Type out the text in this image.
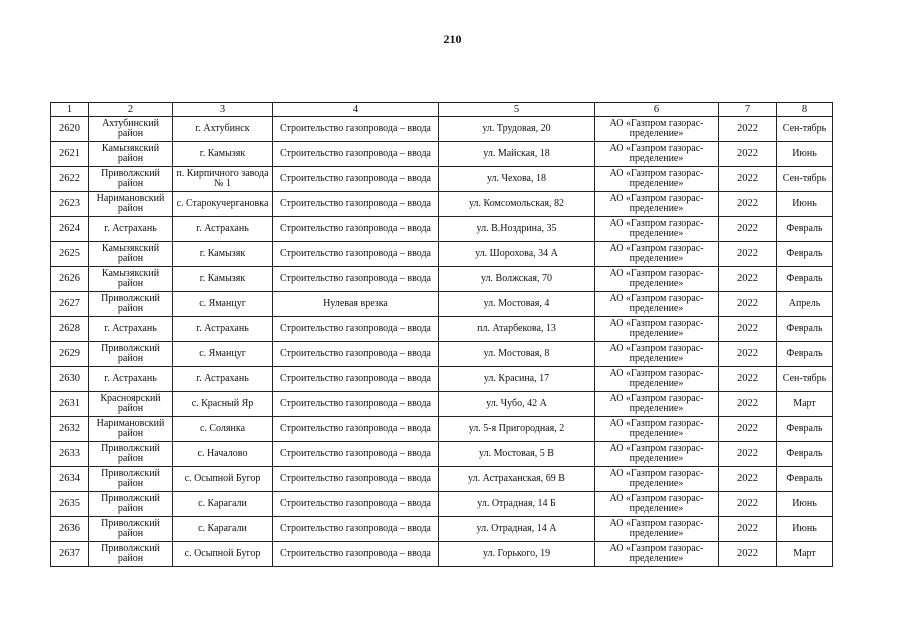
210
1	2	3	4	5	6	7	8
2620	Ахтубинский район	г. Ахтубинск	Строительство газопровода – ввода	ул. Трудовая, 20	АО «Газпром газорас-пределение»	2022	Сен-тябрь
2621	Камызякский район	г. Камызяк	Строительство газопровода – ввода	ул. Майская, 18	АО «Газпром газорас-пределение»	2022	Июнь
2622	Приволжский район	п. Кирпичного завода № 1	Строительство газопровода – ввода	ул. Чехова, 18	АО «Газпром газорас-пределение»	2022	Сен-тябрь
2623	Наримановский район	с. Старокучергановка	Строительство газопровода – ввода	ул. Комсомольская, 82	АО «Газпром газорас-пределение»	2022	Июнь
2624	г. Астрахань	г. Астрахань	Строительство газопровода – ввода	ул. В.Ноздрина, 35	АО «Газпром газорас-пределение»	2022	Февраль
2625	Камызякский район	г. Камызяк	Строительство газопровода – ввода	ул. Шорохова, 34 А	АО «Газпром газорас-пределение»	2022	Февраль
2626	Камызякский район	г. Камызяк	Строительство газопровода – ввода	ул. Волжская, 70	АО «Газпром газорас-пределение»	2022	Февраль
2627	Приволжский район	с. Яманцуг	Нулевая врезка	ул. Мостовая, 4	АО «Газпром газорас-пределение»	2022	Апрель
2628	г. Астрахань	г. Астрахань	Строительство газопровода – ввода	пл. Атарбекова, 13	АО «Газпром газорас-пределение»	2022	Февраль
2629	Приволжский район	с. Яманцуг	Строительство газопровода – ввода	ул. Мостовая, 8	АО «Газпром газорас-пределение»	2022	Февраль
2630	г. Астрахань	г. Астрахань	Строительство газопровода – ввода	ул. Красина, 17	АО «Газпром газорас-пределение»	2022	Сен-тябрь
2631	Красноярский район	с. Красный Яр	Строительство газопровода – ввода	ул. Чубо, 42 А	АО «Газпром газорас-пределение»	2022	Март
2632	Наримановский район	с. Солянка	Строительство газопровода – ввода	ул. 5-я Пригородная, 2	АО «Газпром газорас-пределение»	2022	Февраль
2633	Приволжский район	с. Началово	Строительство газопровода – ввода	ул. Мостовая, 5 В	АО «Газпром газорас-пределение»	2022	Февраль
2634	Приволжский район	с. Осыпной Бугор	Строительство газопровода – ввода	ул. Астраханская, 69 В	АО «Газпром газорас-пределение»	2022	Февраль
2635	Приволжский район	с. Карагали	Строительство газопровода – ввода	ул. Отрадная, 14 Б	АО «Газпром газорас-пределение»	2022	Июнь
2636	Приволжский район	с. Карагали	Строительство газопровода – ввода	ул. Отрадная, 14 А	АО «Газпром газорас-пределение»	2022	Июнь
2637	Приволжский район	с. Осыпной Бугор	Строительство газопровода – ввода	ул. Горького, 19	АО «Газпром газорас-пределение»	2022	Март
